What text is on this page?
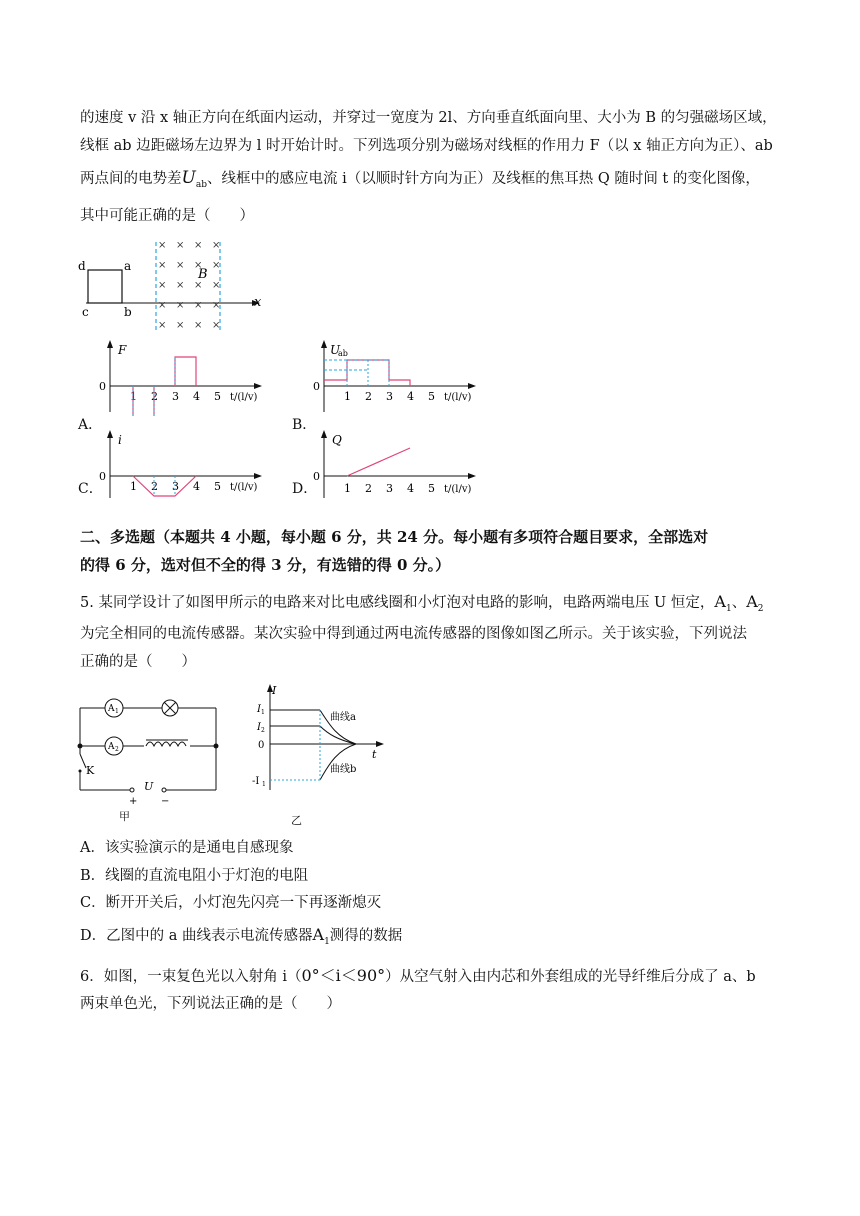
的速度 v 沿 x 轴正方向在纸面内运动，并穿过一宽度为 2l、方向垂直纸面向里、大小为 B 的匀强磁场区域，
线框 ab 边距磁场左边界为 l 时开始计时。下列选项分别为磁场对线框的作用力 F（以 x 轴正方向为正）、ab
两点间的电势差$U_{ab}$、线框中的感应电流 i（以顺时针方向为正）及线框的焦耳热 Q 随时间 t 的变化图像，
其中可能正确的是（　　）
× × × ×
× × × ×
× × × ×
× × × ×
× × × ×
d	a
c	b
B
x
F
0
1 2 3 4 5 t/(l/v)
A．
U
ab
0
1 2 3 4 5 t/(l/v)
B．
i
0
1 2 3 4 5 t/(l/v)
C．
Q
0
1 2 3 4 5 t/(l/v)
D．
二、多选题（本题共 4 小题，每小题 6 分，共 24 分。每小题有多项符合题目要求，全部选对
的得 6 分，选对但不全的得 3 分，有选错的得 0 分。）
5. 某同学设计了如图甲所示的电路来对比电感线圈和小灯泡对电路的影响，电路两端电压 U 恒定，$A_1$、$A_2$
为完全相同的电流传感器。某次实验中得到通过两电流传感器的图像如图乙所示。关于该实验，下列说法
正确的是（　　）
A 1
A 2
K
+
U
−
甲
I
t
I 1
I 2
0
-I 1
曲线a
曲线b
乙
A．该实验演示的是通电自感现象
B．线圈的直流电阻小于灯泡的电阻
C．断开开关后，小灯泡先闪亮一下再逐渐熄灭
D．乙图中的 a 曲线表示电流传感器$A_1$测得的数据
6．如图，一束复色光以入射角 i（0°＜i＜90°）从空气射入由内芯和外套组成的光导纤维后分成了 a、b
两束单色光，下列说法正确的是（　　）
